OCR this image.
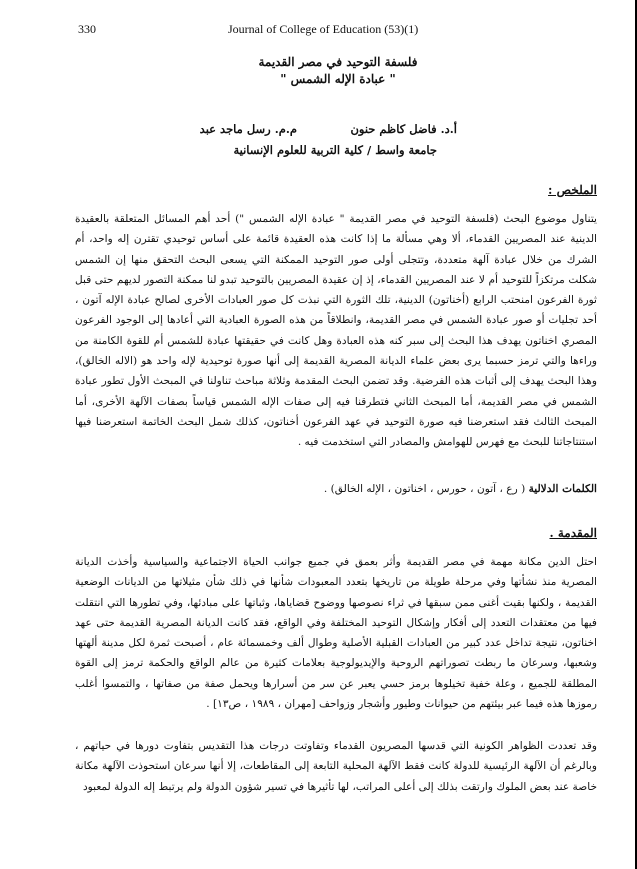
330	Journal of College of Education (53)(1)
فلسفة التوحيد في مصر القديمة
" عبادة الإله الشمس "
م.م. رسل ماجد عبد	أ.د. فاضل كاظم حنون
جامعة واسط / كلية التربية للعلوم الإنسانية
الملخص :
يتناول موضوع البحث (فلسفة التوحيد في مصر القديمة " عبادة الإله الشمس ") أحد أهم المسائل المتعلقة بالعقيدة الدينية عند المصريين القدماء، ألا وهي مسألة ما إذا كانت هذه العقيدة قائمة على أساس توحيدي تقترن إله واحد، أم الشرك من خلال عبادة آلهة متعددة، وتتجلى أولى صور التوحيد الممكنة التي يسعى البحث التحقق منها إن الشمس شكلت مرتكزاً للتوحيد أم لا عند المصريين القدماء، إذ إن عقيدة المصريين بالتوحيد تبدو لنا ممكنة التصور لديهم حتى قبل ثورة الفرعون امنحتب الرابع (أخناتون) الدينية، تلك الثورة التي نبذت كل صور العبادات الأخرى لصالح عبادة الإله آتون ، أحد تجليات أو صور عبادة الشمس في مصر القديمة، وانطلاقاً من هذه الصورة العبادية التي أعادها إلى الوجود الفرعون المصري اخناتون يهدف هذا البحث إلى سبر كنه هذه العبادة وهل كانت في حقيقتها عبادة للشمس أم للقوة الكامنة من وراءها والتي ترمز حسبما يرى بعض علماء الديانة المصرية القديمة إلى أنها صورة توحيدية لإله واحد هو (الاله الخالق)، وهذا البحث يهدف إلى أثبات هذه الفرضية. وقد تضمن البحث المقدمة وثلاثة مباحث تناولنا في المبحث الأول تطور عبادة الشمس في مصر القديمة، أما المبحث الثاني فتطرقنا فيه إلى صفات الإله الشمس قياساً بصفات الآلهة الأخرى، أما المبحث الثالث فقد استعرضنا فيه صورة التوحيد في عهد الفرعون أخناتون، كذلك شمل البحث الخاتمة استعرضنا فيها استنتاجاتنا للبحث مع فهرس للهوامش والمصادر التي استخدمت فيه .
الكلمات الدلالية ( رع ، آتون ، حورس ، اخناتون ، الإله الخالق) .
المقدمة .
احتل الدين مكانة مهمة في مصر القديمة وأثر بعمق في جميع جوانب الحياة الاجتماعية والسياسية وأخذت الديانة المصرية منذ نشأتها وفي مرحلة طويلة من تاريخها بتعدد المعبودات شأنها في ذلك شأن مثيلاتها من الديانات الوضعية القديمة ، ولكنها بقيت أغنى ممن سبقها في ثراء نصوصها ووضوح قضاياها، وثباتها على مبادئها، وفي تطورها التي انتقلت فيها من معتقدات التعدد إلى أفكار وإشكال التوحيد المختلفة وفي الواقع، فقد كانت الديانة المصرية القديمة حتى عهد اخناتون، نتيجة تداخل عدد كبير من العبادات القبلية الأصلية وطوال ألف وخمسمائة عام ، أصبحت ثمرة لكل مدينة ألهتها وشعبها، وسرعان ما ربطت تصوراتهم الروحية والإيديولوجية بعلامات كثيرة من عالم الواقع والحكمة ترمز إلى القوة المطلقة للجميع ، وعلة خفية تخيلوها برمز حسي يعبر عن سر من أسرارها ويحمل صفة من صفاتها ، والتمسوا أغلب رموزها هذه فيما عبر بيئتهم من حيوانات وطيور وأشجار وزواحف [مهران ، ١٩٨٩ ، ص١٣] .
وقد تعددت الظواهر الكونية التي قدسها المصريون القدماء وتفاوتت درجات هذا التقديس بتفاوت دورها في حياتهم ، وبالرغم أن الآلهة الرئيسية للدولة كانت فقط الآلهة المحلية التابعة إلى المقاطعات، إلا أنها سرعان استحوذت الآلهة مكانة خاصة عند بعض الملوك وارتقت بذلك إلى أعلى المراتب، لها تأثيرها في تسير شؤون الدولة ولم يرتبط إله الدولة لمعبود
